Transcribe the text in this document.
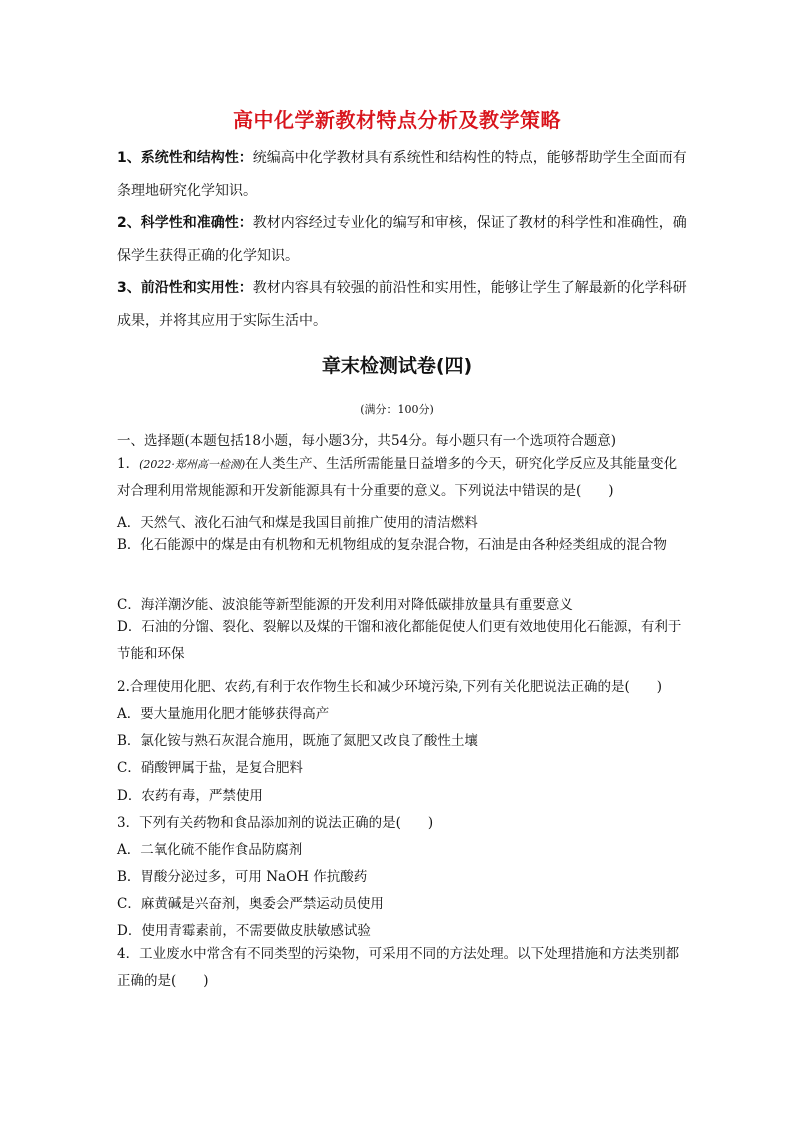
高中化学新教材特点分析及教学策略
1、系统性和结构性：统编高中化学教材具有系统性和结构性的特点，能够帮助学生全面而有条理地研究化学知识。
2、科学性和准确性：教材内容经过专业化的编写和审核，保证了教材的科学性和准确性，确保学生获得正确的化学知识。
3、前沿性和实用性：教材内容具有较强的前沿性和实用性，能够让学生了解最新的化学科研成果，并将其应用于实际生活中。
章末检测试卷(四)
(满分：100分)
一、选择题(本题包括18小题，每小题3分，共54分。每小题只有一个选项符合题意)
1．(2022·郑州高一检测)在人类生产、生活所需能量日益增多的今天，研究化学反应及其能量变化对合理利用常规能源和开发新能源具有十分重要的意义。下列说法中错误的是(　　)
A．天然气、液化石油气和煤是我国目前推广使用的清洁燃料
B．化石能源中的煤是由有机物和无机物组成的复杂混合物，石油是由各种烃类组成的混合物
C．海洋潮汐能、波浪能等新型能源的开发利用对降低碳排放量具有重要意义
D．石油的分馏、裂化、裂解以及煤的干馏和液化都能促使人们更有效地使用化石能源，有利于节能和环保
2.合理使用化肥、农药,有利于农作物生长和减少环境污染,下列有关化肥说法正确的是(　　)
A．要大量施用化肥才能够获得高产
B．氯化铵与熟石灰混合施用，既施了氮肥又改良了酸性土壤
C．硝酸钾属于盐，是复合肥料
D．农药有毒，严禁使用
3．下列有关药物和食品添加剂的说法正确的是(　　)
A．二氧化硫不能作食品防腐剂
B．胃酸分泌过多，可用 NaOH 作抗酸药
C．麻黄碱是兴奋剂，奥委会严禁运动员使用
D．使用青霉素前，不需要做皮肤敏感试验
4．工业废水中常含有不同类型的污染物，可采用不同的方法处理。以下处理措施和方法类别都正确的是(　　)
